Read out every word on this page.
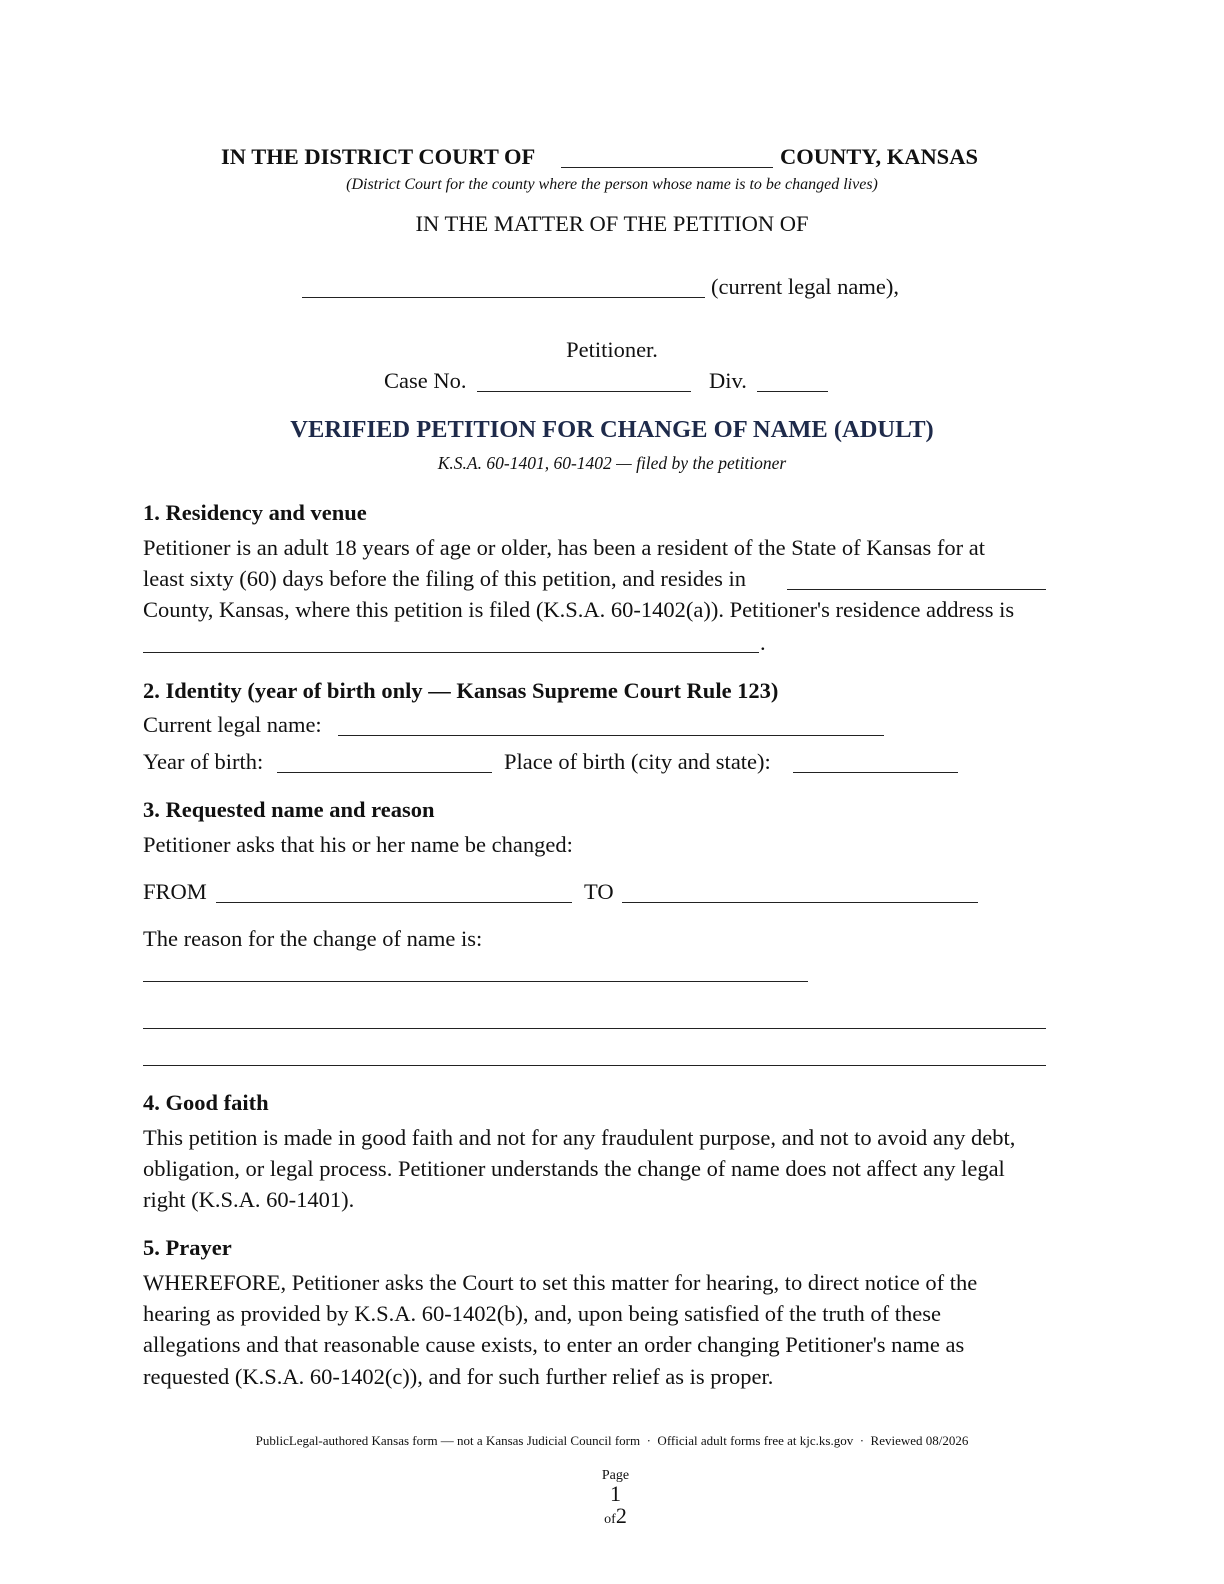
IN THE DISTRICT COURT OF	COUNTY, KANSAS
(District Court for the county where the person whose name is to be changed lives)
IN THE MATTER OF THE PETITION OF
(current legal name),
Petitioner.
Case No.	Div.
VERIFIED PETITION FOR CHANGE OF NAME (ADULT)
K.S.A. 60-1401, 60-1402 — filed by the petitioner
1. Residency and venue
Petitioner is an adult 18 years of age or older, has been a resident of the State of Kansas for at
least sixty (60) days before the filing of this petition, and resides in
County, Kansas, where this petition is filed (K.S.A. 60-1402(a)). Petitioner's residence address is
.
2. Identity (year of birth only — Kansas Supreme Court Rule 123)
Current legal name:
Year of birth:	Place of birth (city and state):
3. Requested name and reason
Petitioner asks that his or her name be changed:
FROM	TO
The reason for the change of name is:
4. Good faith
This petition is made in good faith and not for any fraudulent purpose, and not to avoid any debt,
obligation, or legal process. Petitioner understands the change of name does not affect any legal
right (K.S.A. 60-1401).
5. Prayer
WHEREFORE, Petitioner asks the Court to set this matter for hearing, to direct notice of the
hearing as provided by K.S.A. 60-1402(b), and, upon being satisfied of the truth of these
allegations and that reasonable cause exists, to enter an order changing Petitioner's name as
requested (K.S.A. 60-1402(c)), and for such further relief as is proper.
PublicLegal-authored Kansas form — not a Kansas Judicial Council form  ·  Official adult forms free at kjc.ks.gov  ·  Reviewed 08/2026

Page
1
of2
